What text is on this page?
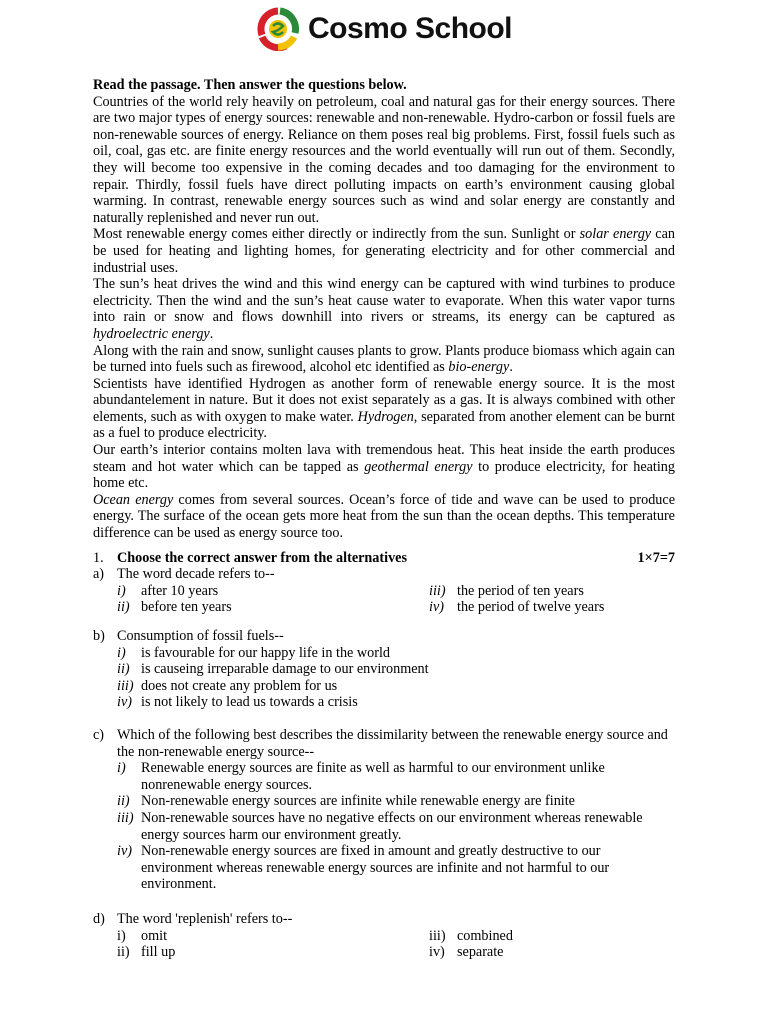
Cosmo School

Read the passage. Then answer the questions below.

Countries of the world rely heavily on petroleum, coal and natural gas for their energy sources. There are two major types of energy sources: renewable and non-renewable. Hydro-carbon or fossil fuels are non-renewable sources of energy. Reliance on them poses real big problems. First, fossil fuels such as oil, coal, gas etc. are finite energy resources and the world eventually will run out of them. Secondly, they will become too expensive in the coming decades and too damaging for the environment to repair. Thirdly, fossil fuels have direct polluting impacts on earth’s environment causing global warming. In contrast, renewable energy sources such as wind and solar energy are constantly and naturally replenished and never run out.

Most renewable energy comes either directly or indirectly from the sun. Sunlight or solar energy can be used for heating and lighting homes, for generating electricity and for other commercial and industrial uses.

The sun’s heat drives the wind and this wind energy can be captured with wind turbines to produce electricity. Then the wind and the sun’s heat cause water to evaporate. When this water vapor turns into rain or snow and flows downhill into rivers or streams, its energy can be captured as hydroelectric energy.

Along with the rain and snow, sunlight causes plants to grow. Plants produce biomass which again can be turned into fuels such as firewood, alcohol etc identified as bio-energy.

Scientists have identified Hydrogen as another form of renewable energy source. It is the most abundantelement in nature. But it does not exist separately as a gas. It is always combined with other elements, such as with oxygen to make water. Hydrogen, separated from another element can be burnt as a fuel to produce electricity.

Our earth’s interior contains molten lava with tremendous heat. This heat inside the earth produces steam and hot water which can be tapped as geothermal energy to produce electricity, for heating home etc.

Ocean energy comes from several sources. Ocean’s force of tide and wave can be used to produce energy. The surface of the ocean gets more heat from the sun than the ocean depths. This temperature difference can be used as energy source too.

1. Choose the correct answer from the alternatives	1×7=7
a) The word decade refers to--
i)	after 10 years	iii) the period of ten years
ii) before ten years	iv) the period of twelve years
b) Consumption of fossil fuels--
i)	is favourable for our happy life in the world
ii) is causeing irreparable damage to our environment
iii) does not create any problem for us
iv) is not likely to lead us towards a crisis
c) Which of the following best describes the dissimilarity between the renewable energy source and the non-renewable energy source--
i)	Renewable energy sources are finite as well as harmful to our environment unlike nonrenewable energy sources.
ii) Non-renewable energy sources are infinite while renewable energy are finite
iii) Non-renewable sources have no negative effects on our environment whereas renewable energy sources harm our environment greatly.
iv) Non-renewable energy sources are fixed in amount and greatly destructive to our environment whereas renewable energy sources are infinite and not harmful to our environment.
d) The word 'replenish' refers to--
i)	omit	iii) combined
ii) fill up	iv) separate
